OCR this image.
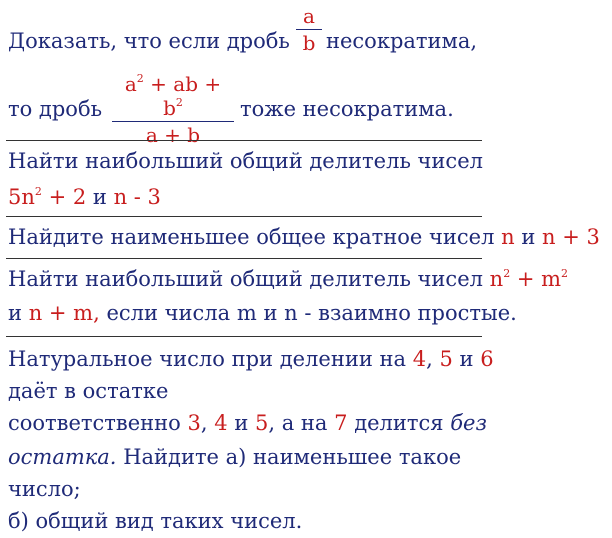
Доказать, что если дробь
a
b несократима,
то дробь
$a^2$ + ab + $b^2$
a + b
тоже несократима.
Найти наибольший общий делитель чисел
$5n^2 + 2$ и n - 3
Найдите наименьшее общее кратное чисел n и n + 3
Найти наибольший общий делитель чисел $n^2 + m^2$
и n + m, если числа m и n - взаимно простые.
Натуральное число при делении на 4, 5 и 6
даёт в остатке
соответственно 3, 4 и 5, а на 7 делится без
остатка. Найдите а) наименьшее такое
число;
б) общий вид таких чисел.
